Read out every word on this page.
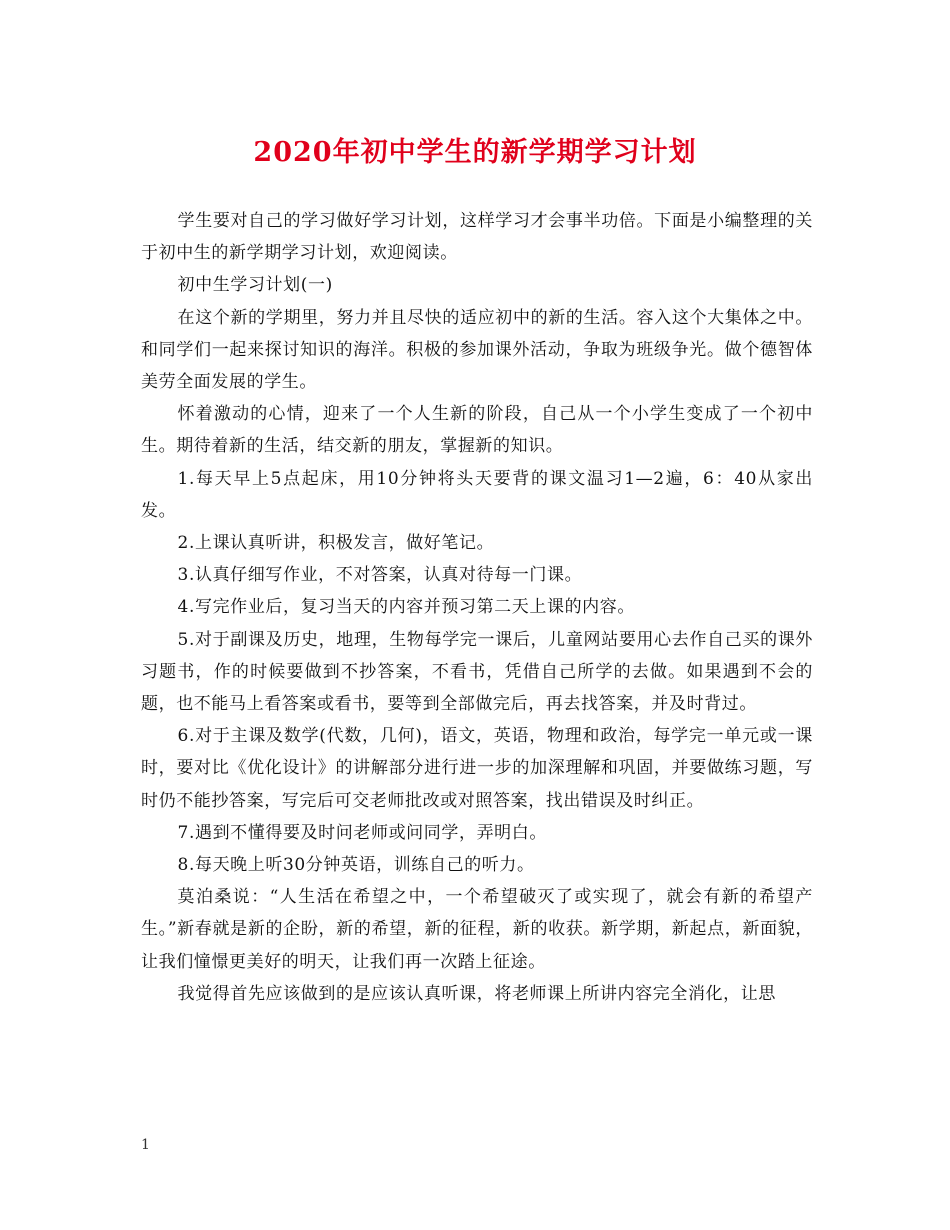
2020年初中学生的新学期学习计划

学生要对自己的学习做好学习计划，这样学习才会事半功倍。下面是小编整理的关于初中生的新学期学习计划，欢迎阅读。

初中生学习计划(一)

在这个新的学期里，努力并且尽快的适应初中的新的生活。容入这个大集体之中。和同学们一起来探讨知识的海洋。积极的参加课外活动，争取为班级争光。做个德智体美劳全面发展的学生。

怀着激动的心情，迎来了一个人生新的阶段，自己从一个小学生变成了一个初中生。期待着新的生活，结交新的朋友，掌握新的知识。

1.每天早上5点起床，用10分钟将头天要背的课文温习1—2遍，6：40从家出发。

2.上课认真听讲，积极发言，做好笔记。

3.认真仔细写作业，不对答案，认真对待每一门课。

4.写完作业后，复习当天的内容并预习第二天上课的内容。

5.对于副课及历史，地理，生物每学完一课后，儿童网站要用心去作自己买的课外习题书，作的时候要做到不抄答案，不看书，凭借自己所学的去做。如果遇到不会的题，也不能马上看答案或看书，要等到全部做完后，再去找答案，并及时背过。

6.对于主课及数学(代数，几何)，语文，英语，物理和政治，每学完一单元或一课时，要对比《优化设计》的讲解部分进行进一步的加深理解和巩固，并要做练习题，写时仍不能抄答案，写完后可交老师批改或对照答案，找出错误及时纠正。

7.遇到不懂得要及时问老师或问同学，弄明白。

8.每天晚上听30分钟英语，训练自己的听力。

莫泊桑说：“人生活在希望之中，一个希望破灭了或实现了，就会有新的希望产生。”新春就是新的企盼，新的希望，新的征程，新的收获。新学期，新起点，新面貌，让我们憧憬更美好的明天，让我们再一次踏上征途。

我觉得首先应该做到的是应该认真听课，将老师课上所讲内容完全消化，让思

1
